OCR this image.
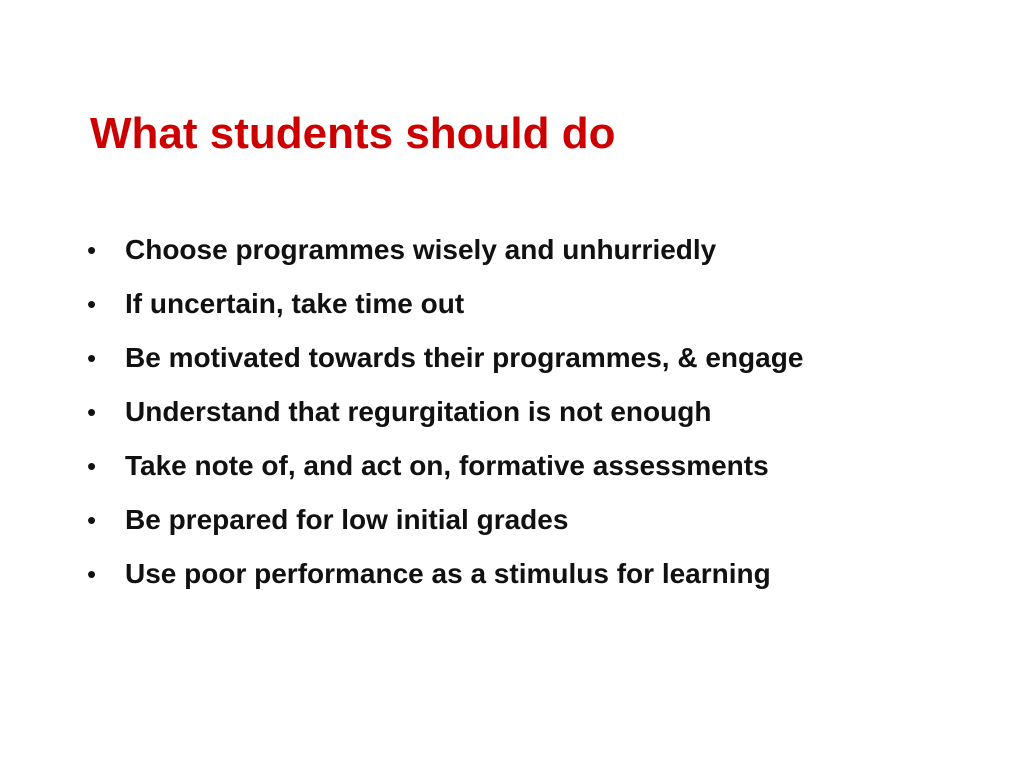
What students should do
•	Choose programmes wisely and unhurriedly
•	If uncertain, take time out
•	Be motivated towards their programmes, & engage
•	Understand that regurgitation is not enough
•	Take note of, and act on, formative assessments
•	Be prepared for low initial grades
•	Use poor performance as a stimulus for learning
